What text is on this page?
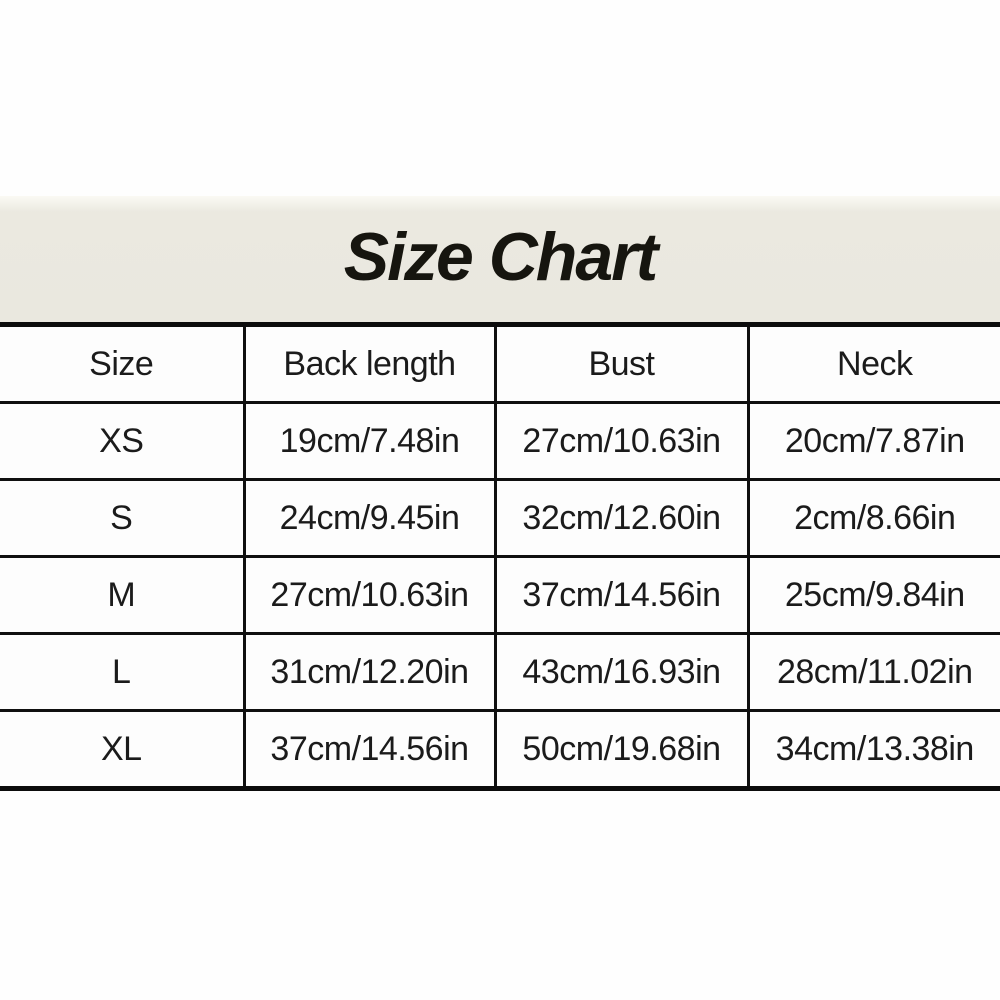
Size Chart
Size	Back length	Bust	Neck
XS	19cm/7.48in	27cm/10.63in	20cm/7.87in
S	24cm/9.45in	32cm/12.60in	2cm/8.66in
M	27cm/10.63in	37cm/14.56in	25cm/9.84in
L	31cm/12.20in	43cm/16.93in	28cm/11.02in
XL	37cm/14.56in	50cm/19.68in	34cm/13.38in
